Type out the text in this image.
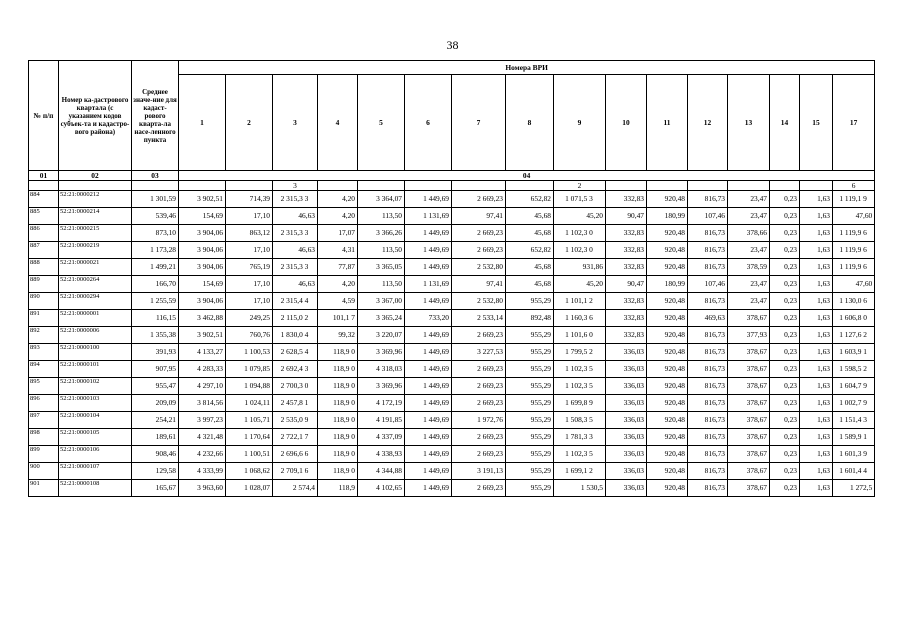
38
№ п/п	Номер ка-дастрового квартала (с указанием кодов субъек-та и кадастро-вого района)	Среднее значе-ние для кадаст-рового кварта-ла насе-ленного пункта	Номера ВРИ															
			1	2	3	4	5	6	7	8	9	10	11	12	13	14	15	17
01	02	03	04															
					3						2							6
884	52:21:0000212	1 301,59	3 902,51	714,39	2 315,3 3	4,20	3 364,07	1 449,69	2 669,23	652,82	1 071,5 3	332,83	920,48	816,73	23,47	0,23	1,63	1 119,1 9
885	52:21:0000214	539,46	154,69	17,10	46,63	4,20	113,50	1 131,69	97,41	45,68	45,20	90,47	180,99	107,46	23,47	0,23	1,63	47,60
886	52:21:0000215	873,10	3 904,06	863,12	2 315,3 3	17,07	3 366,26	1 449,69	2 669,23	45,68	1 102,3 0	332,83	920,48	816,73	378,66	0,23	1,63	1 119,9 6
887	52:21:0000219	1 173,28	3 904,06	17,10	46,63	4,31	113,50	1 449,69	2 669,23	652,82	1 102,3 0	332,83	920,48	816,73	23,47	0,23	1,63	1 119,9 6
888	52:21:0000021	1 499,21	3 904,06	765,19	2 315,3 3	77,87	3 365,05	1 449,69	2 532,80	45,68	931,86	332,83	920,48	816,73	378,59	0,23	1,63	1 119,9 6
889	52:21:0000264	166,70	154,69	17,10	46,63	4,20	113,50	1 131,69	97,41	45,68	45,20	90,47	180,99	107,46	23,47	0,23	1,63	47,60
890	52:21:0000294	1 255,59	3 904,06	17,10	2 315,4 4	4,59	3 367,00	1 449,69	2 532,80	955,29	1 101,1 2	332,83	920,48	816,73	23,47	0,23	1,63	1 130,0 6
891	52:21:0000001	116,15	3 462,88	249,25	2 115,0 2	101,1 7	3 365,24	733,20	2 533,14	892,48	1 160,3 6	332,83	920,48	469,63	378,67	0,23	1,63	1 606,8 0
892	52:21:0000006	1 355,38	3 902,51	760,76	1 830,0 4	99,32	3 220,07	1 449,69	2 669,23	955,29	1 101,6 0	332,83	920,48	816,73	377,93	0,23	1,63	1 127,6 2
893	52:21:0000100	391,93	4 133,27	1 100,53	2 628,5 4	118,9 0	3 369,96	1 449,69	3 227,53	955,29	1 799,5 2	336,03	920,48	816,73	378,67	0,23	1,63	1 603,9 1
894	52:21:0000101	907,95	4 283,33	1 079,85	2 692,4 3	118,9 0	4 318,03	1 449,69	2 669,23	955,29	1 102,3 5	336,03	920,48	816,73	378,67	0,23	1,63	1 598,5 2
895	52:21:0000102	955,47	4 297,10	1 094,88	2 700,3 0	118,9 0	3 369,96	1 449,69	2 669,23	955,29	1 102,3 5	336,03	920,48	816,73	378,67	0,23	1,63	1 604,7 9
896	52:21:0000103	209,09	3 814,56	1 024,11	2 457,8 1	118,9 0	4 172,19	1 449,69	2 669,23	955,29	1 699,8 9	336,03	920,48	816,73	378,67	0,23	1,63	1 002,7 9
897	52:21:0000104	254,21	3 997,23	1 105,71	2 535,0 9	118,9 0	4 191,85	1 449,69	1 972,76	955,29	1 508,3 5	336,03	920,48	816,73	378,67	0,23	1,63	1 151,4 3
898	52:21:0000105	189,61	4 321,48	1 170,64	2 722,1 7	118,9 0	4 337,09	1 449,69	2 669,23	955,29	1 781,3 3	336,03	920,48	816,73	378,67	0,23	1,63	1 589,9 1
899	52:21:0000106	908,46	4 232,66	1 100,51	2 696,6 6	118,9 0	4 338,93	1 449,69	2 669,23	955,29	1 102,3 5	336,03	920,48	816,73	378,67	0,23	1,63	1 601,3 9
900	52:21:0000107	129,58	4 333,99	1 068,62	2 709,1 6	118,9 0	4 344,88	1 449,69	3 191,13	955,29	1 699,1 2	336,03	920,48	816,73	378,67	0,23	1,63	1 601,4 4
901	52:21:0000108	165,67	3 963,60	1 028,07	2 574,4	118,9	4 102,65	1 449,69	2 669,23	955,29	1 530,5	336,03	920,48	816,73	378,67	0,23	1,63	1 272,5
